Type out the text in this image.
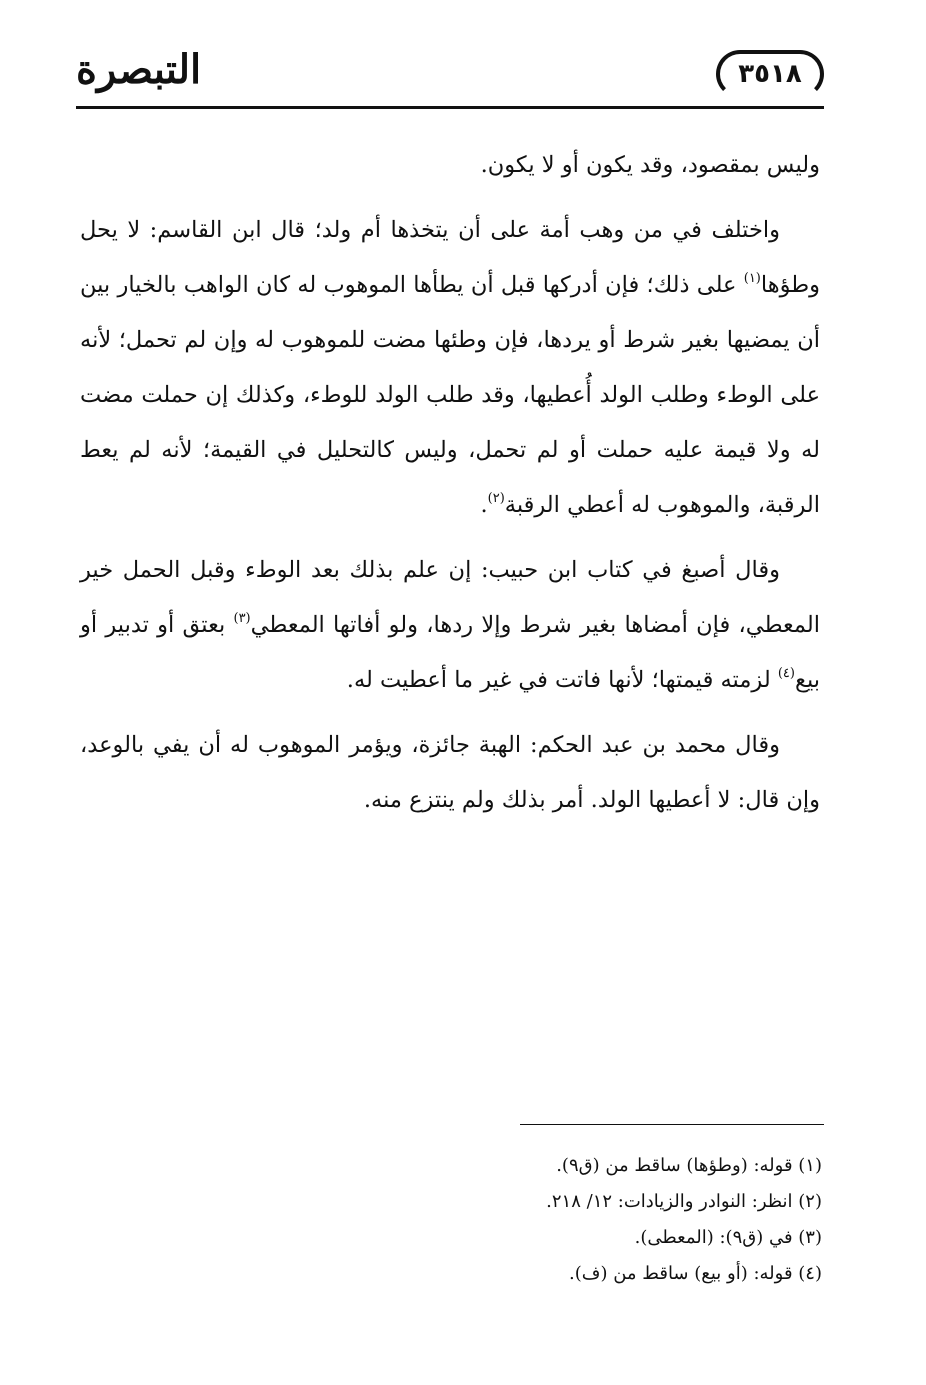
التبصرة	٣٥١٨

وليس بمقصود، وقد يكون أو لا يكون.

واختلف في من وهب أمة على أن يتخذها أم ولد؛ قال ابن القاسم: لا يحل وطؤها$^{(١)}$ على ذلك؛ فإن أدركها قبل أن يطأها الموهوب له كان الواهب بالخيار بين أن يمضيها بغير شرط أو يردها، فإن وطئها مضت للموهوب له وإن لم تحمل؛ لأنه على الوطء وطلب الولد أُعطيها، وقد طلب الولد للوطء، وكذلك إن حملت مضت له ولا قيمة عليه حملت أو لم تحمل، وليس كالتحليل في القيمة؛ لأنه لم يعط الرقبة، والموهوب له أعطي الرقبة$^{(٢)}$.

وقال أصبغ في كتاب ابن حبيب: إن علم بذلك بعد الوطء وقبل الحمل خير المعطي، فإن أمضاها بغير شرط وإلا ردها، ولو أفاتها المعطي$^{(٣)}$ بعتق أو تدبير أو بيع$^{(٤)}$ لزمته قيمتها؛ لأنها فاتت في غير ما أعطيت له.

وقال محمد بن عبد الحكم: الهبة جائزة، ويؤمر الموهوب له أن يفي بالوعد، وإن قال: لا أعطيها الولد. أمر بذلك ولم ينتزع منه.

(١) قوله: (وطؤها) ساقط من (ق٩).
(٢) انظر: النوادر والزيادات: ١٢/ ٢١٨.
(٣) في (ق٩): (المعطى).
(٤) قوله: (أو بيع) ساقط من (ف).
